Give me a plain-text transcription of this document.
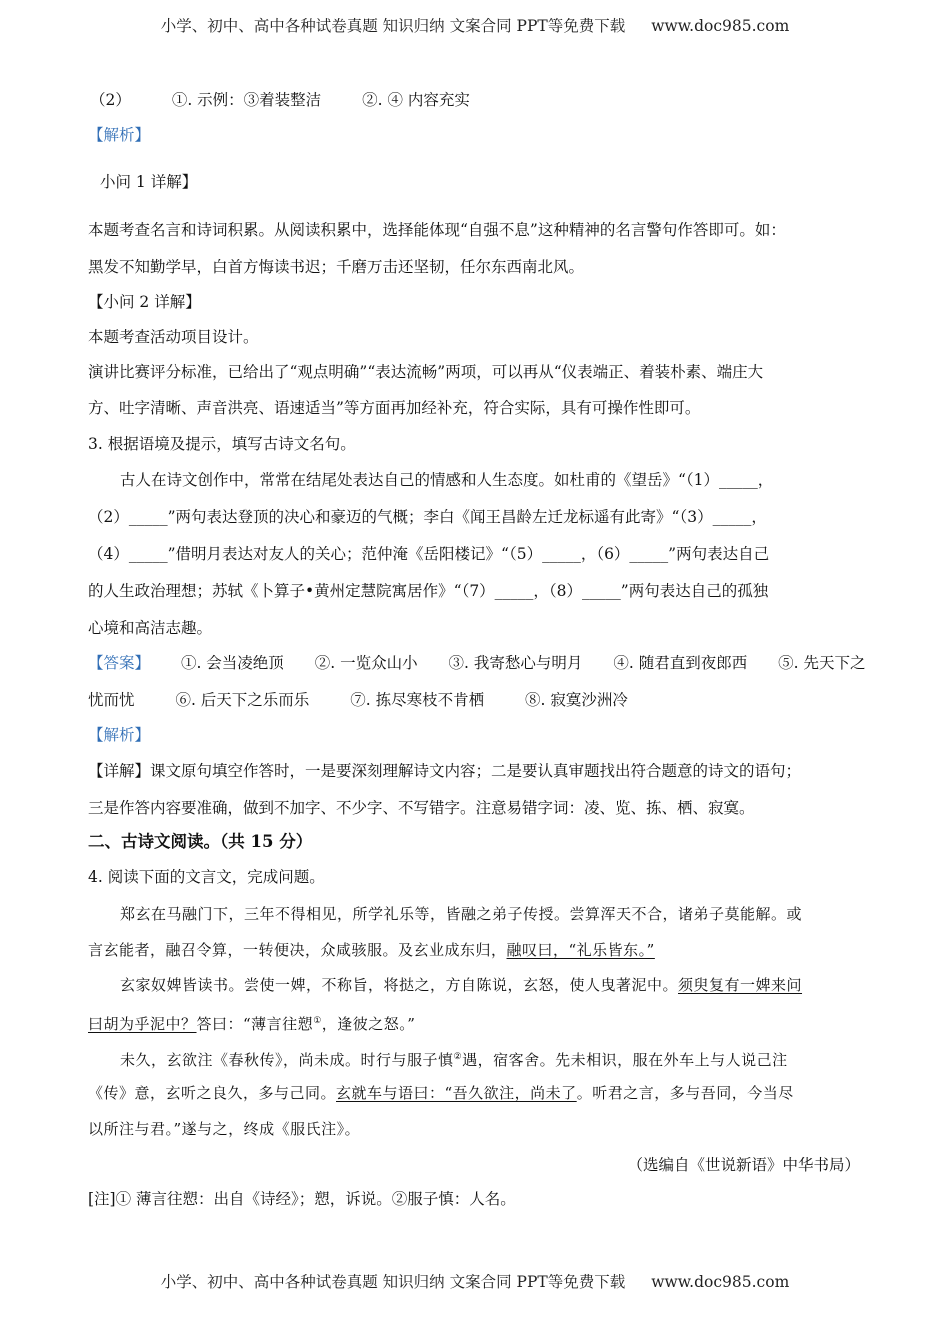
小学、初中、高中各种试卷真题 知识归纳 文案合同 PPT等免费下载 www.doc985.com
（2）	①. 示例：③着装整洁	②. ④ 内容充实
【解析】
小问 1 详解】
本题考查名言和诗词积累。从阅读积累中，选择能体现“自强不息”这种精神的名言警句作答即可。如：
黑发不知勤学早，白首方悔读书迟；千磨万击还坚韧，任尔东西南北风。
【小问 2 详解】
本题考查活动项目设计。
演讲比赛评分标准，已给出了“观点明确”“表达流畅”两项，可以再从“仪表端正、着装朴素、端庄大
方、吐字清晰、声音洪亮、语速适当”等方面再加经补充，符合实际，具有可操作性即可。
3. 根据语境及提示，填写古诗文名句。
古人在诗文创作中，常常在结尾处表达自己的情感和人生态度。如杜甫的《望岳》“（1）_____，
（2）_____”两句表达登顶的决心和豪迈的气概；李白《闻王昌龄左迁龙标遥有此寄》“（3）_____，
（4）_____”借明月表达对友人的关心；范仲淹《岳阳楼记》“（5）_____，（6）_____”两句表达自己
的人生政治理想；苏轼《卜算子•黄州定慧院寓居作》“（7）_____，（8）_____”两句表达自己的孤独
心境和高洁志趣。
【答案】 ①. 会当凌绝顶 ②. 一览众山小 ③. 我寄愁心与明月 ④. 随君直到夜郎西 ⑤. 先天下之
忧而忧	⑥. 后天下之乐而乐	⑦. 拣尽寒枝不肯栖	⑧. 寂寞沙洲冷
【解析】
【详解】课文原句填空作答时，一是要深刻理解诗文内容；二是要认真审题找出符合题意的诗文的语句；
三是作答内容要准确，做到不加字、不少字、不写错字。注意易错字词：凌、览、拣、栖、寂寞。
二、古诗文阅读。（共 15 分）
4. 阅读下面的文言文，完成问题。
郑玄在马融门下，三年不得相见，所学礼乐等，皆融之弟子传授。尝算浑天不合，诸弟子莫能解。或
言玄能者，融召令算，一转便决，众咸骇服。及玄业成东归，融叹曰，“礼乐皆东。”
玄家奴婢皆读书。尝使一婢，不称旨，将挞之，方自陈说，玄怒，使人曳著泥中。须臾复有一婢来问
曰胡为乎泥中？答曰：“薄言往愬①，逢彼之怒。”
未久，玄欲注《春秋传》，尚未成。时行与服子慎②遇，宿客舍。先未相识，服在外车上与人说己注
《传》意，玄听之良久，多与己同。玄就车与语曰：“吾久欲注，尚未了。听君之言，多与吾同，今当尽
以所注与君。”遂与之，终成《服氏注》。
（选编自《世说新语》中华书局）
[注]① 薄言往愬：出自《诗经》；愬，诉说。②服子慎：人名。
小学、初中、高中各种试卷真题 知识归纳 文案合同 PPT等免费下载 www.doc985.com
